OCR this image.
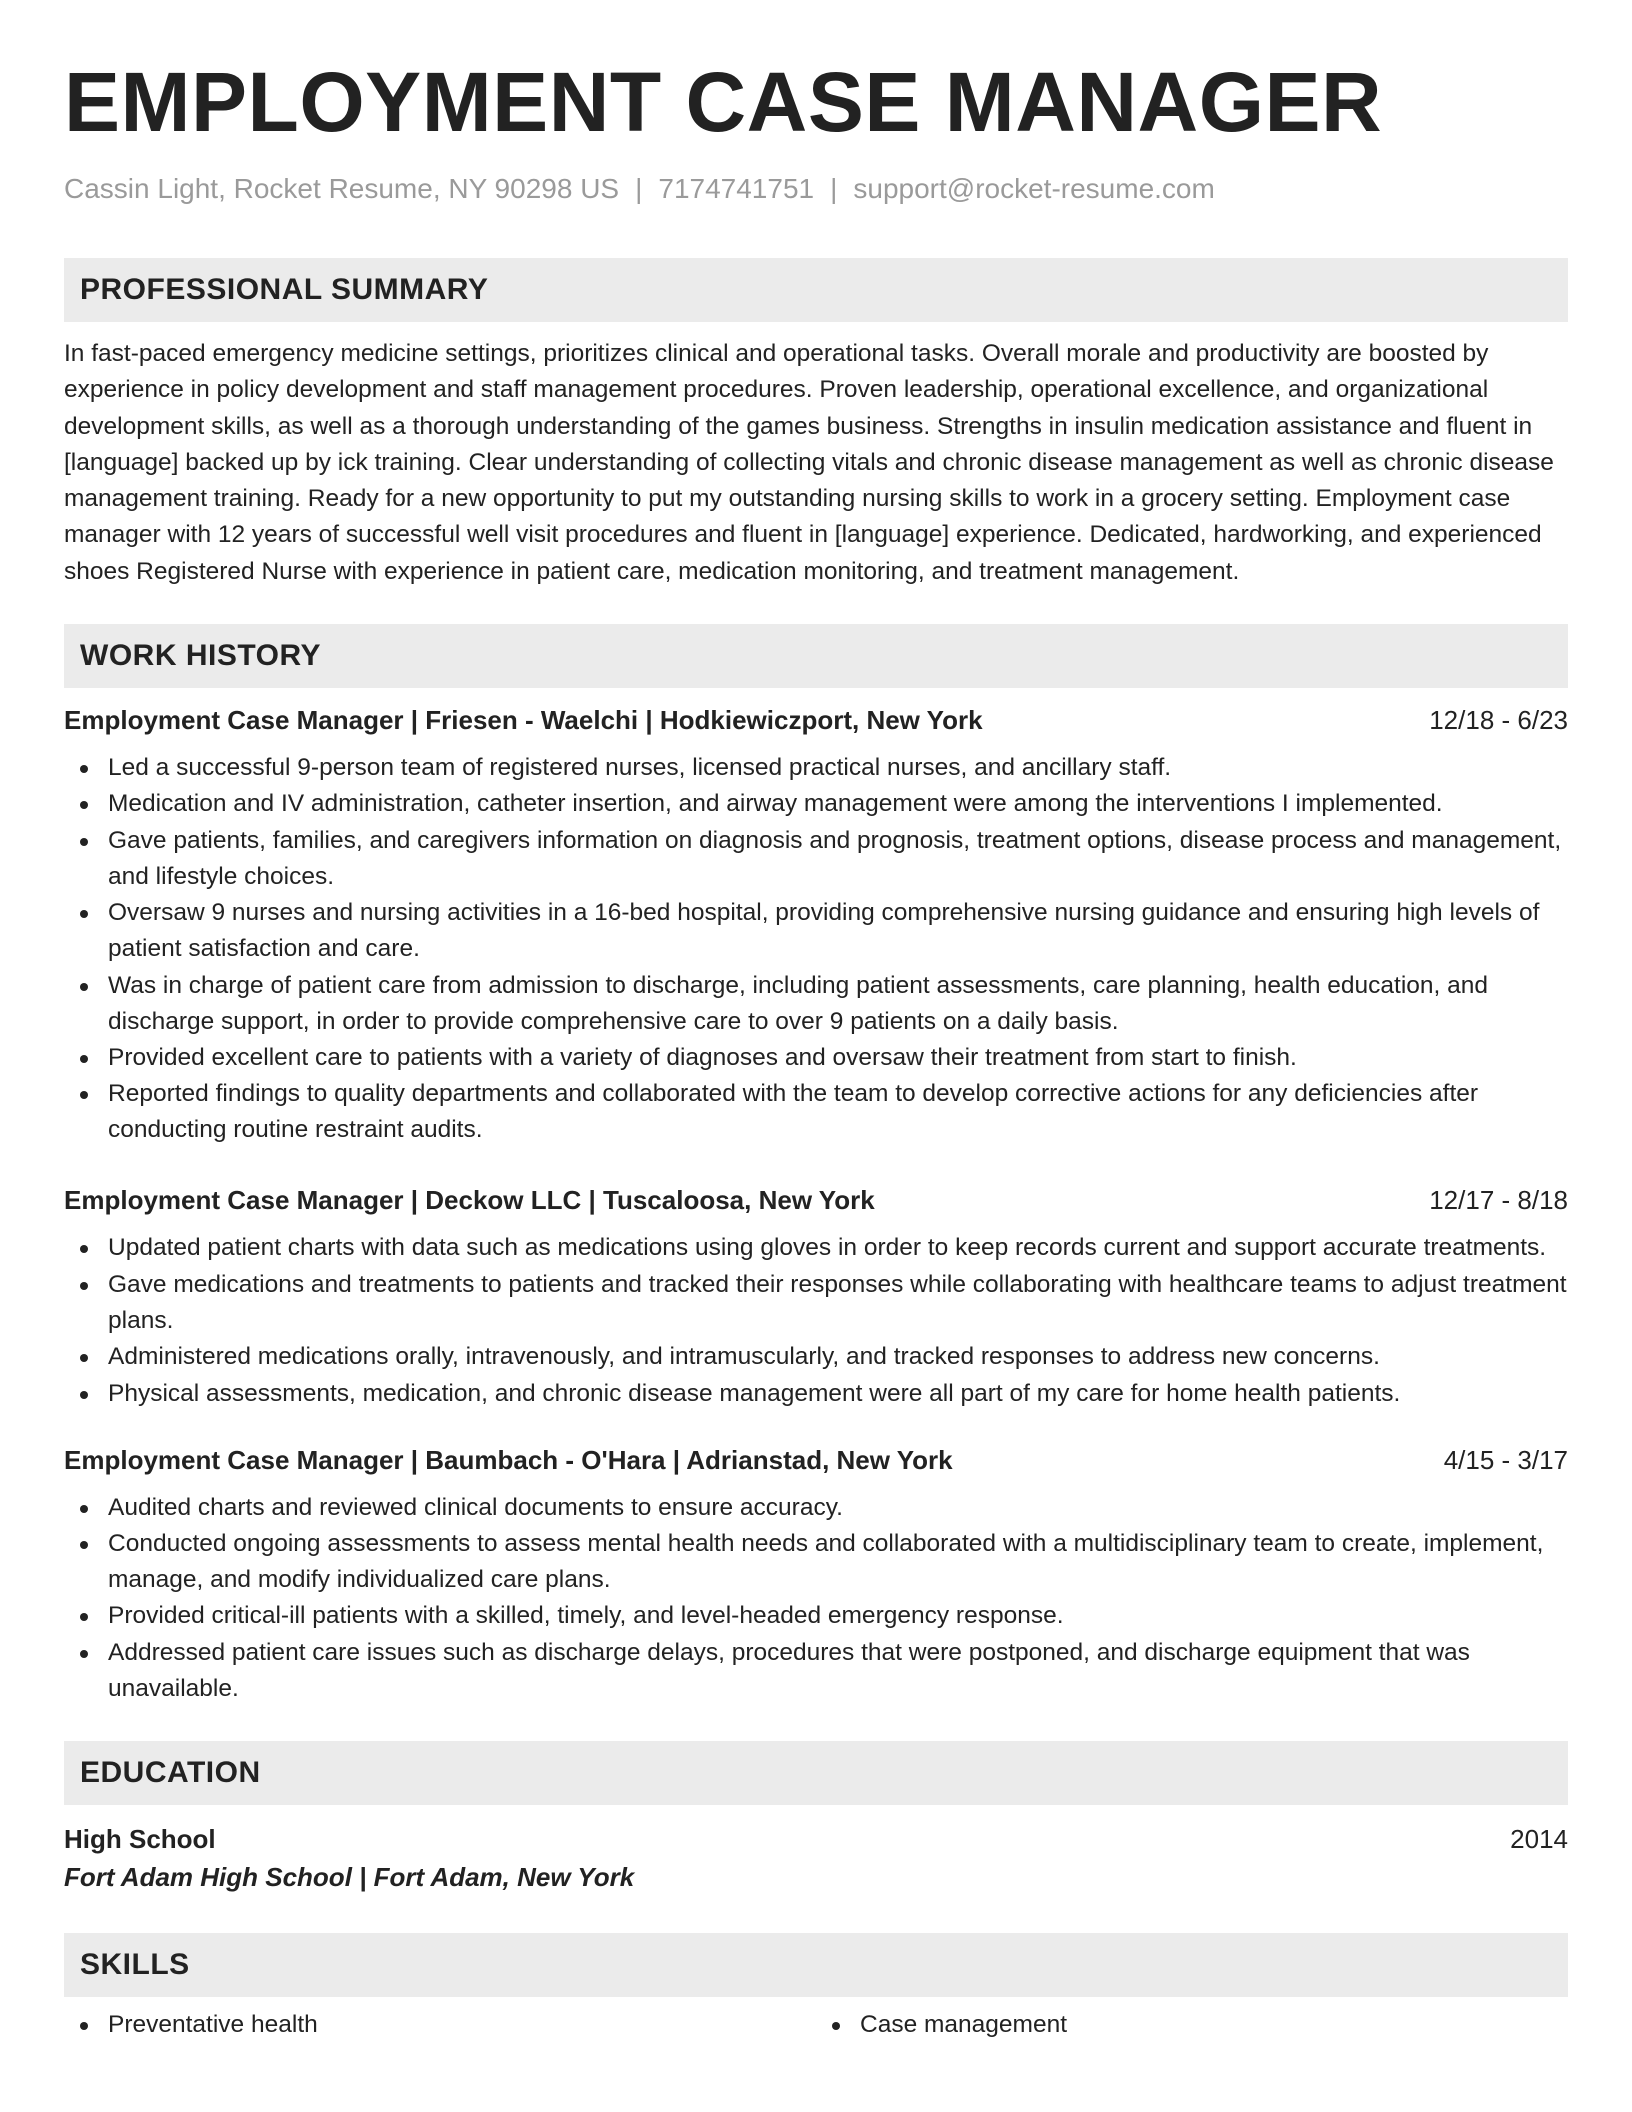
EMPLOYMENT CASE MANAGER
Cassin Light, Rocket Resume, NY 90298 US | 7174741751 | support@rocket-resume.com
PROFESSIONAL SUMMARY
In fast-paced emergency medicine settings, prioritizes clinical and operational tasks. Overall morale and productivity are boosted by experience in policy development and staff management procedures. Proven leadership, operational excellence, and organizational development skills, as well as a thorough understanding of the games business. Strengths in insulin medication assistance and fluent in [language] backed up by ick training. Clear understanding of collecting vitals and chronic disease management as well as chronic disease management training. Ready for a new opportunity to put my outstanding nursing skills to work in a grocery setting. Employment case manager with 12 years of successful well visit procedures and fluent in [language] experience. Dedicated, hardworking, and experienced shoes Registered Nurse with experience in patient care, medication monitoring, and treatment management.
WORK HISTORY
Employment Case Manager | Friesen - Waelchi | Hodkiewiczport, New York	12/18 - 6/23
Led a successful 9-person team of registered nurses, licensed practical nurses, and ancillary staff.
Medication and IV administration, catheter insertion, and airway management were among the interventions I implemented.
Gave patients, families, and caregivers information on diagnosis and prognosis, treatment options, disease process and management, and lifestyle choices.
Oversaw 9 nurses and nursing activities in a 16-bed hospital, providing comprehensive nursing guidance and ensuring high levels of patient satisfaction and care.
Was in charge of patient care from admission to discharge, including patient assessments, care planning, health education, and discharge support, in order to provide comprehensive care to over 9 patients on a daily basis.
Provided excellent care to patients with a variety of diagnoses and oversaw their treatment from start to finish.
Reported findings to quality departments and collaborated with the team to develop corrective actions for any deficiencies after conducting routine restraint audits.
Employment Case Manager | Deckow LLC | Tuscaloosa, New York	12/17 - 8/18
Updated patient charts with data such as medications using gloves in order to keep records current and support accurate treatments.
Gave medications and treatments to patients and tracked their responses while collaborating with healthcare teams to adjust treatment plans.
Administered medications orally, intravenously, and intramuscularly, and tracked responses to address new concerns.
Physical assessments, medication, and chronic disease management were all part of my care for home health patients.
Employment Case Manager | Baumbach - O'Hara | Adrianstad, New York	4/15 - 3/17
Audited charts and reviewed clinical documents to ensure accuracy.
Conducted ongoing assessments to assess mental health needs and collaborated with a multidisciplinary team to create, implement, manage, and modify individualized care plans.
Provided critical-ill patients with a skilled, timely, and level-headed emergency response.
Addressed patient care issues such as discharge delays, procedures that were postponed, and discharge equipment that was unavailable.
EDUCATION
High School	2014
Fort Adam High School | Fort Adam, New York
SKILLS
Preventative health	Case management
